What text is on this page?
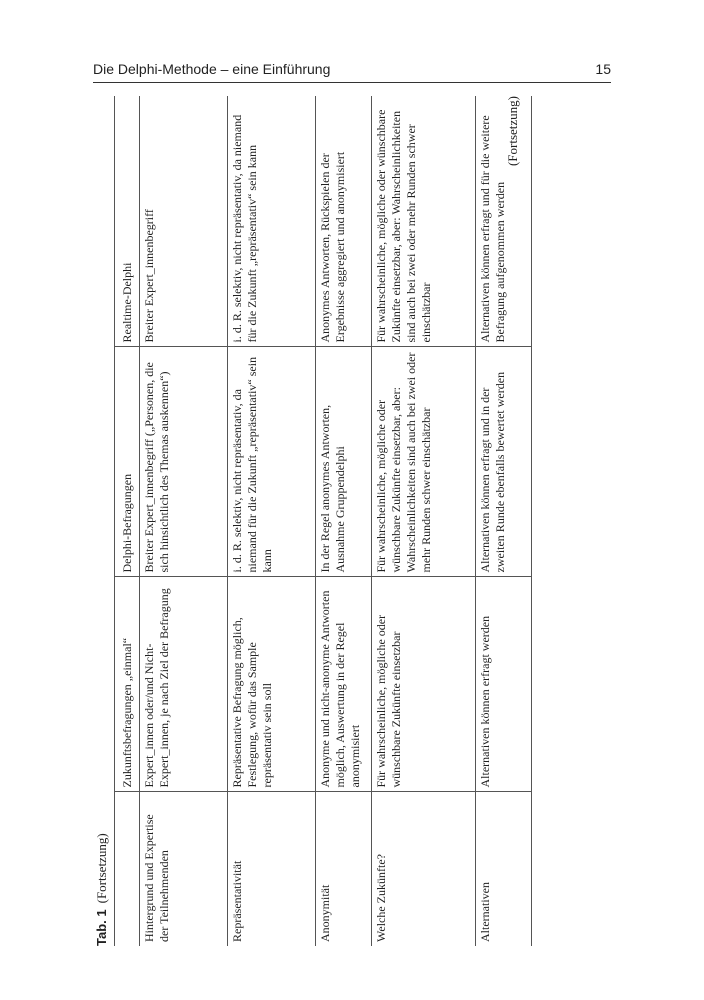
Die Delphi-Methode – eine Einführung	15
Tab. 1(Fortsetzung)
	Zukunftsbefragungen „einmal“	Delphi-Befragungen	Realtime-Delphi
Hintergrund und Expertise der Teilnehmenden	Expert_innen oder/und Nicht-Expert_innen, je nach Ziel der Befragung	Breiter Expert_innenbegriff („Personen, die sich hinsichtlich des Themas auskennen“)	Breiter Expert_innenbegriff
Repräsentativität	Repräsentative Befragung möglich, Festlegung, wofür das Sample repräsentativ sein soll	i. d. R. selektiv, nicht repräsentativ, da niemand für die Zukunft „repräsentativ“ sein kann	i. d. R. selektiv, nicht repräsentativ, da niemand für die Zukunft „repräsentativ“ sein kann
Anonymität	Anonyme und nicht-anonyme Antworten möglich, Auswertung in der Regel anonymisiert	In der Regel anonymes Antworten, Ausnahme Gruppendelphi	Anonymes Antworten, Rückspielen der Ergebnisse aggregiert und anonymisiert
Welche Zukünfte?	Für wahrscheinliche, mögliche oder wünschbare Zukünfte einsetzbar	Für wahrscheinliche, mögliche oder wünschbare Zukünfte einsetzbar, aber: Wahrscheinlichkeiten sind auch bei zwei oder mehr Runden schwer einschätzbar	Für wahrscheinliche, mögliche oder wünschbare Zukünfte einsetzbar, aber: Wahrscheinlichkeiten sind auch bei zwei oder mehr Runden schwer einschätzbar
Alternativen	Alternativen können erfragt werden	Alternativen können erfragt und in der zweiten Runde ebenfalls bewertet werden	Alternativen können erfragt und für die weitere Befragung aufgenommen werden
(Fortsetzung)
